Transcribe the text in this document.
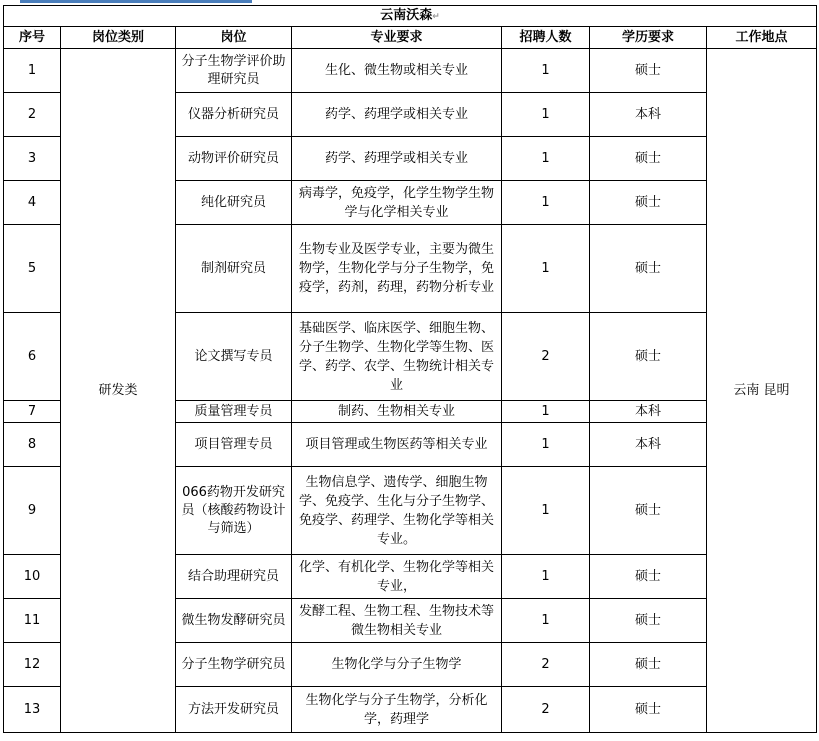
云南沃森↵						
序号	岗位类别	岗位	专业要求	招聘人数	学历要求	工作地点
1	研发类	分子生物学评价助理研究员	生化、微生物或相关专业	1	硕士	云南 昆明
2		仪器分析研究员	药学、药理学或相关专业	1	本科	
3		动物评价研究员	药学、药理学或相关专业	1	硕士	
4		纯化研究员	病毒学，免疫学，化学生物学生物学与化学相关专业	1	硕士	
5		制剂研究员	生物专业及医学专业，主要为微生物学，生物化学与分子生物学，免疫学，药剂，药理，药物分析专业	1	硕士	
6		论文撰写专员	基础医学、临床医学、细胞生物、分子生物学、生物化学等生物、医学、药学、农学、生物统计相关专业	2	硕士	
7		质量管理专员	制药、生物相关专业	1	本科	
8		项目管理专员	项目管理或生物医药等相关专业	1	本科	
9		066药物开发研究员（核酸药物设计与筛选）	生物信息学、遗传学、细胞生物学、免疫学、生化与分子生物学、免疫学、药理学、生物化学等相关专业。	1	硕士	
10		结合助理研究员	化学、有机化学、生物化学等相关专业，	1	硕士	
11		微生物发酵研究员	发酵工程、生物工程、生物技术等微生物相关专业	1	硕士	
12		分子生物学研究员	生物化学与分子生物学	2	硕士	
13		方法开发研究员	生物化学与分子生物学，分析化学，药理学	2	硕士	
